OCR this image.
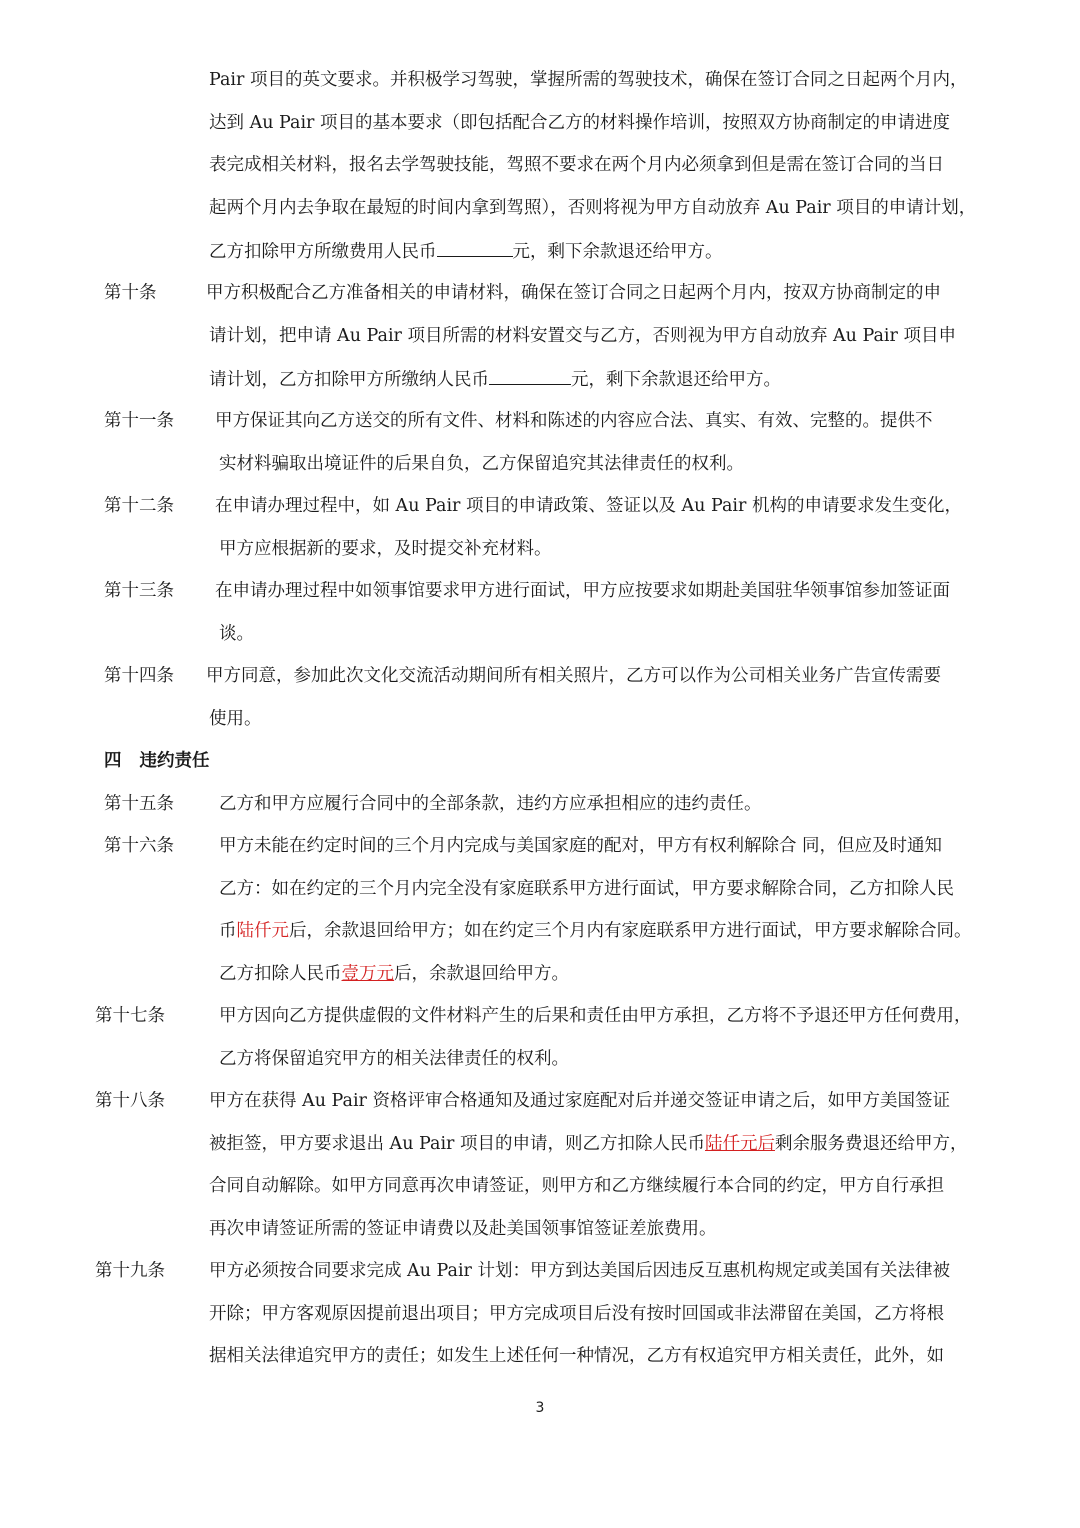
Pair 项目的英文要求。并积极学习驾驶，掌握所需的驾驶技术，确保在签订合同之日起两个月内，
达到 Au Pair 项目的基本要求（即包括配合乙方的材料操作培训，按照双方协商制定的申请进度
表完成相关材料，报名去学驾驶技能，驾照不要求在两个月内必须拿到但是需在签订合同的当日
起两个月内去争取在最短的时间内拿到驾照），否则将视为甲方自动放弃 Au Pair 项目的申请计划，
乙方扣除甲方所缴费用人民币	元，剩下余款退还给甲方。
第十条	甲方积极配合乙方准备相关的申请材料，确保在签订合同之日起两个月内，按双方协商制定的申
请计划，把申请 Au Pair 项目所需的材料安置交与乙方，否则视为甲方自动放弃 Au Pair 项目申
请计划，乙方扣除甲方所缴纳人民币	元，剩下余款退还给甲方。
第十一条 甲方保证其向乙方送交的所有文件、材料和陈述的内容应合法、真实、有效、完整的。提供不
实材料骗取出境证件的后果自负，乙方保留追究其法律责任的权利。
第十二条 在申请办理过程中，如 Au Pair 项目的申请政策、签证以及 Au Pair 机构的申请要求发生变化，
甲方应根据新的要求，及时提交补充材料。
第十三条 在申请办理过程中如领事馆要求甲方进行面试，甲方应按要求如期赴美国驻华领事馆参加签证面
谈。
第十四条 甲方同意，参加此次文化交流活动期间所有相关照片，乙方可以作为公司相关业务广告宣传需要
使用。
四 违约责任
第十五条	乙方和甲方应履行合同中的全部条款，违约方应承担相应的违约责任。
第十六条	甲方未能在约定时间的三个月内完成与美国家庭的配对，甲方有权利解除合 同，但应及时通知
乙方：如在约定的三个月内完全没有家庭联系甲方进行面试，甲方要求解除合同，乙方扣除人民
币陆仟元后，余款退回给甲方；如在约定三个月内有家庭联系甲方进行面试，甲方要求解除合同。
乙方扣除人民币壹万元后，余款退回给甲方。
第十七条	甲方因向乙方提供虚假的文件材料产生的后果和责任由甲方承担，乙方将不予退还甲方任何费用，
乙方将保留追究甲方的相关法律责任的权利。
第十八条	甲方在获得 Au Pair 资格评审合格通知及通过家庭配对后并递交签证申请之后，如甲方美国签证
被拒签，甲方要求退出 Au Pair 项目的申请，则乙方扣除人民币陆仟元后剩余服务费退还给甲方，
合同自动解除。如甲方同意再次申请签证，则甲方和乙方继续履行本合同的约定，甲方自行承担
再次申请签证所需的签证申请费以及赴美国领事馆签证差旅费用。
第十九条	甲方必须按合同要求完成 Au Pair 计划：甲方到达美国后因违反互惠机构规定或美国有关法律被
开除；甲方客观原因提前退出项目；甲方完成项目后没有按时回国或非法滞留在美国，乙方将根
据相关法律追究甲方的责任；如发生上述任何一种情况，乙方有权追究甲方相关责任，此外，如
3
